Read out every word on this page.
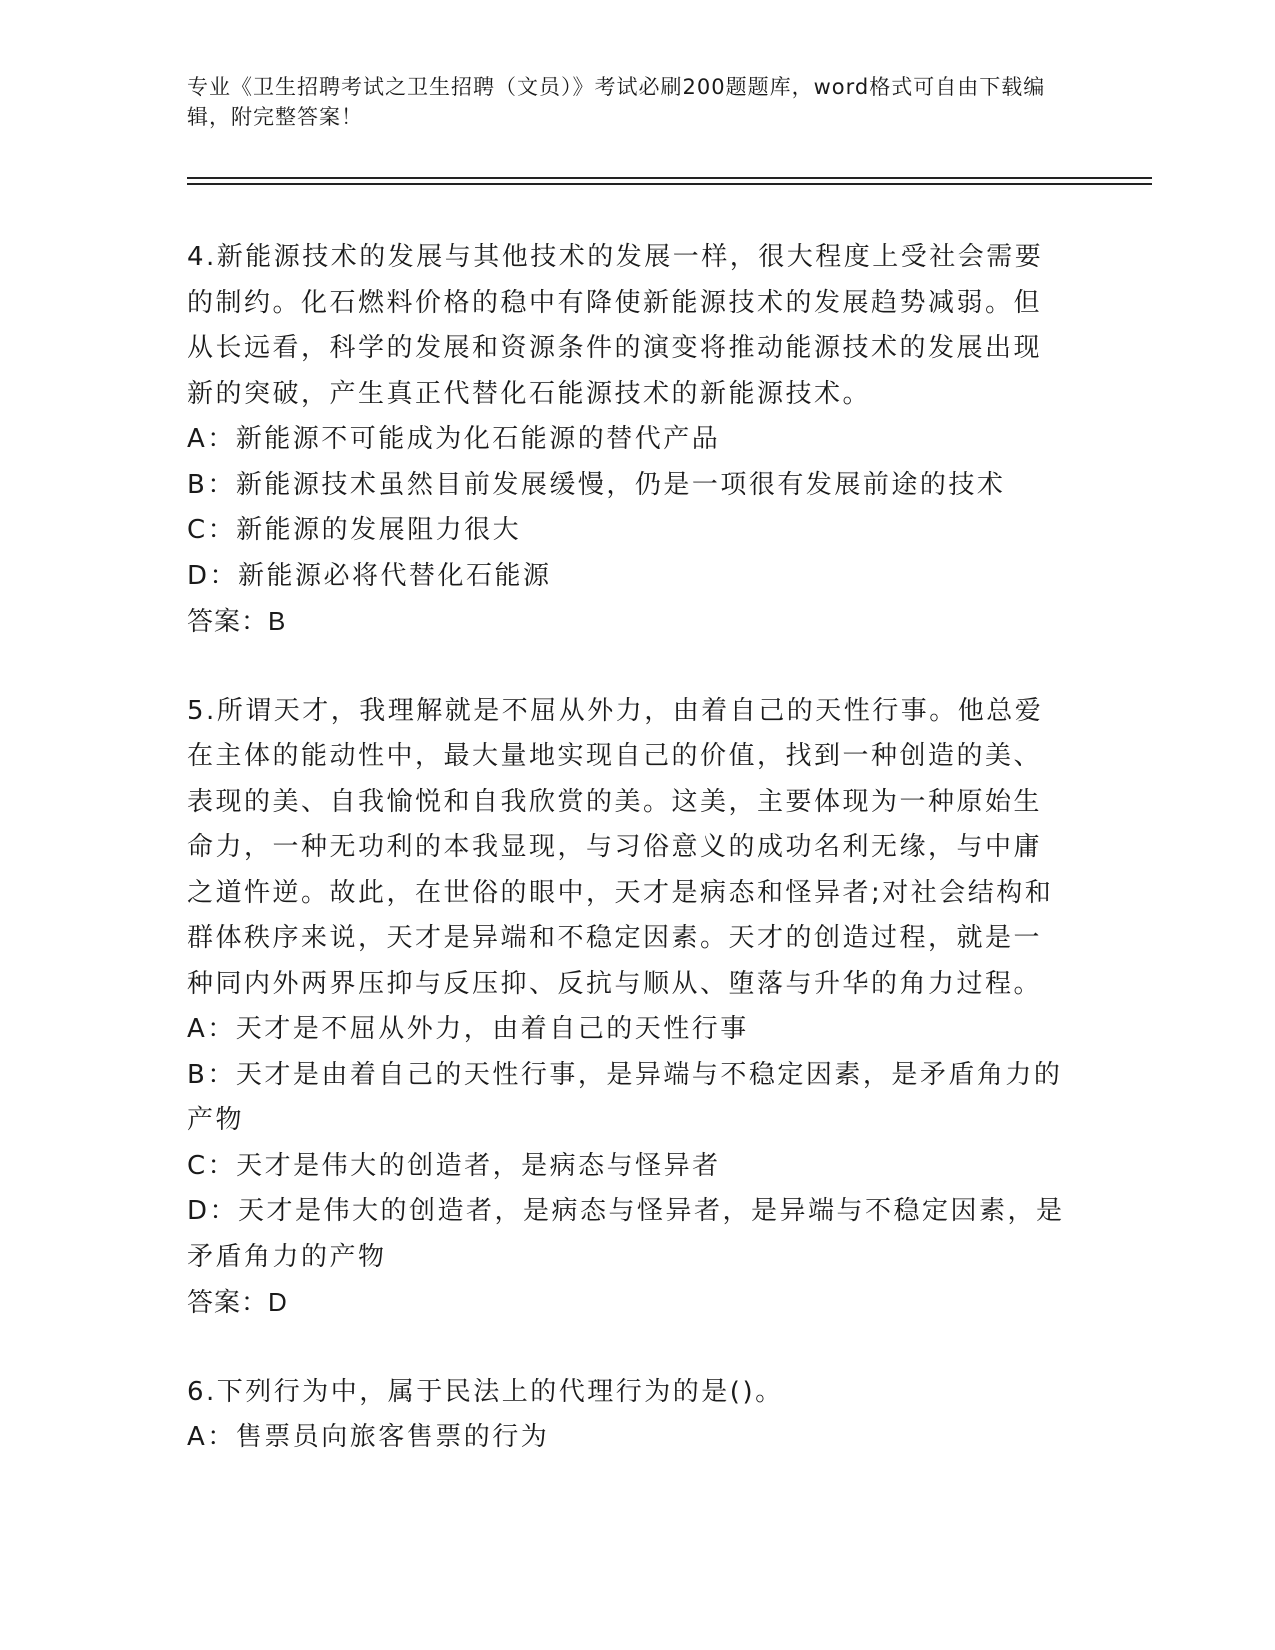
专业《卫生招聘考试之卫生招聘（文员）》考试必刷200题题库，word格式可自由下载编辑，附完整答案！

4.新能源技术的发展与其他技术的发展一样，很大程度上受社会需要的制约。化石燃料价格的稳中有降使新能源技术的发展趋势减弱。但从长远看，科学的发展和资源条件的演变将推动能源技术的发展出现新的突破，产生真正代替化石能源技术的新能源技术。

A：新能源不可能成为化石能源的替代产品

B：新能源技术虽然目前发展缓慢，仍是一项很有发展前途的技术

C：新能源的发展阻力很大

D：新能源必将代替化石能源

答案：B

5.所谓天才，我理解就是不屈从外力，由着自己的天性行事。他总爱在主体的能动性中，最大量地实现自己的价值，找到一种创造的美、表现的美、自我愉悦和自我欣赏的美。这美，主要体现为一种原始生命力，一种无功利的本我显现，与习俗意义的成功名利无缘，与中庸之道忤逆。故此，在世俗的眼中，天才是病态和怪异者;对社会结构和群体秩序来说，天才是异端和不稳定因素。天才的创造过程，就是一种同内外两界压抑与反压抑、反抗与顺从、堕落与升华的角力过程。

A：天才是不屈从外力，由着自己的天性行事

B：天才是由着自己的天性行事，是异端与不稳定因素，是矛盾角力的产物

C：天才是伟大的创造者，是病态与怪异者

D：天才是伟大的创造者，是病态与怪异者，是异端与不稳定因素，是矛盾角力的产物

答案：D

6.下列行为中，属于民法上的代理行为的是()。

A：售票员向旅客售票的行为
